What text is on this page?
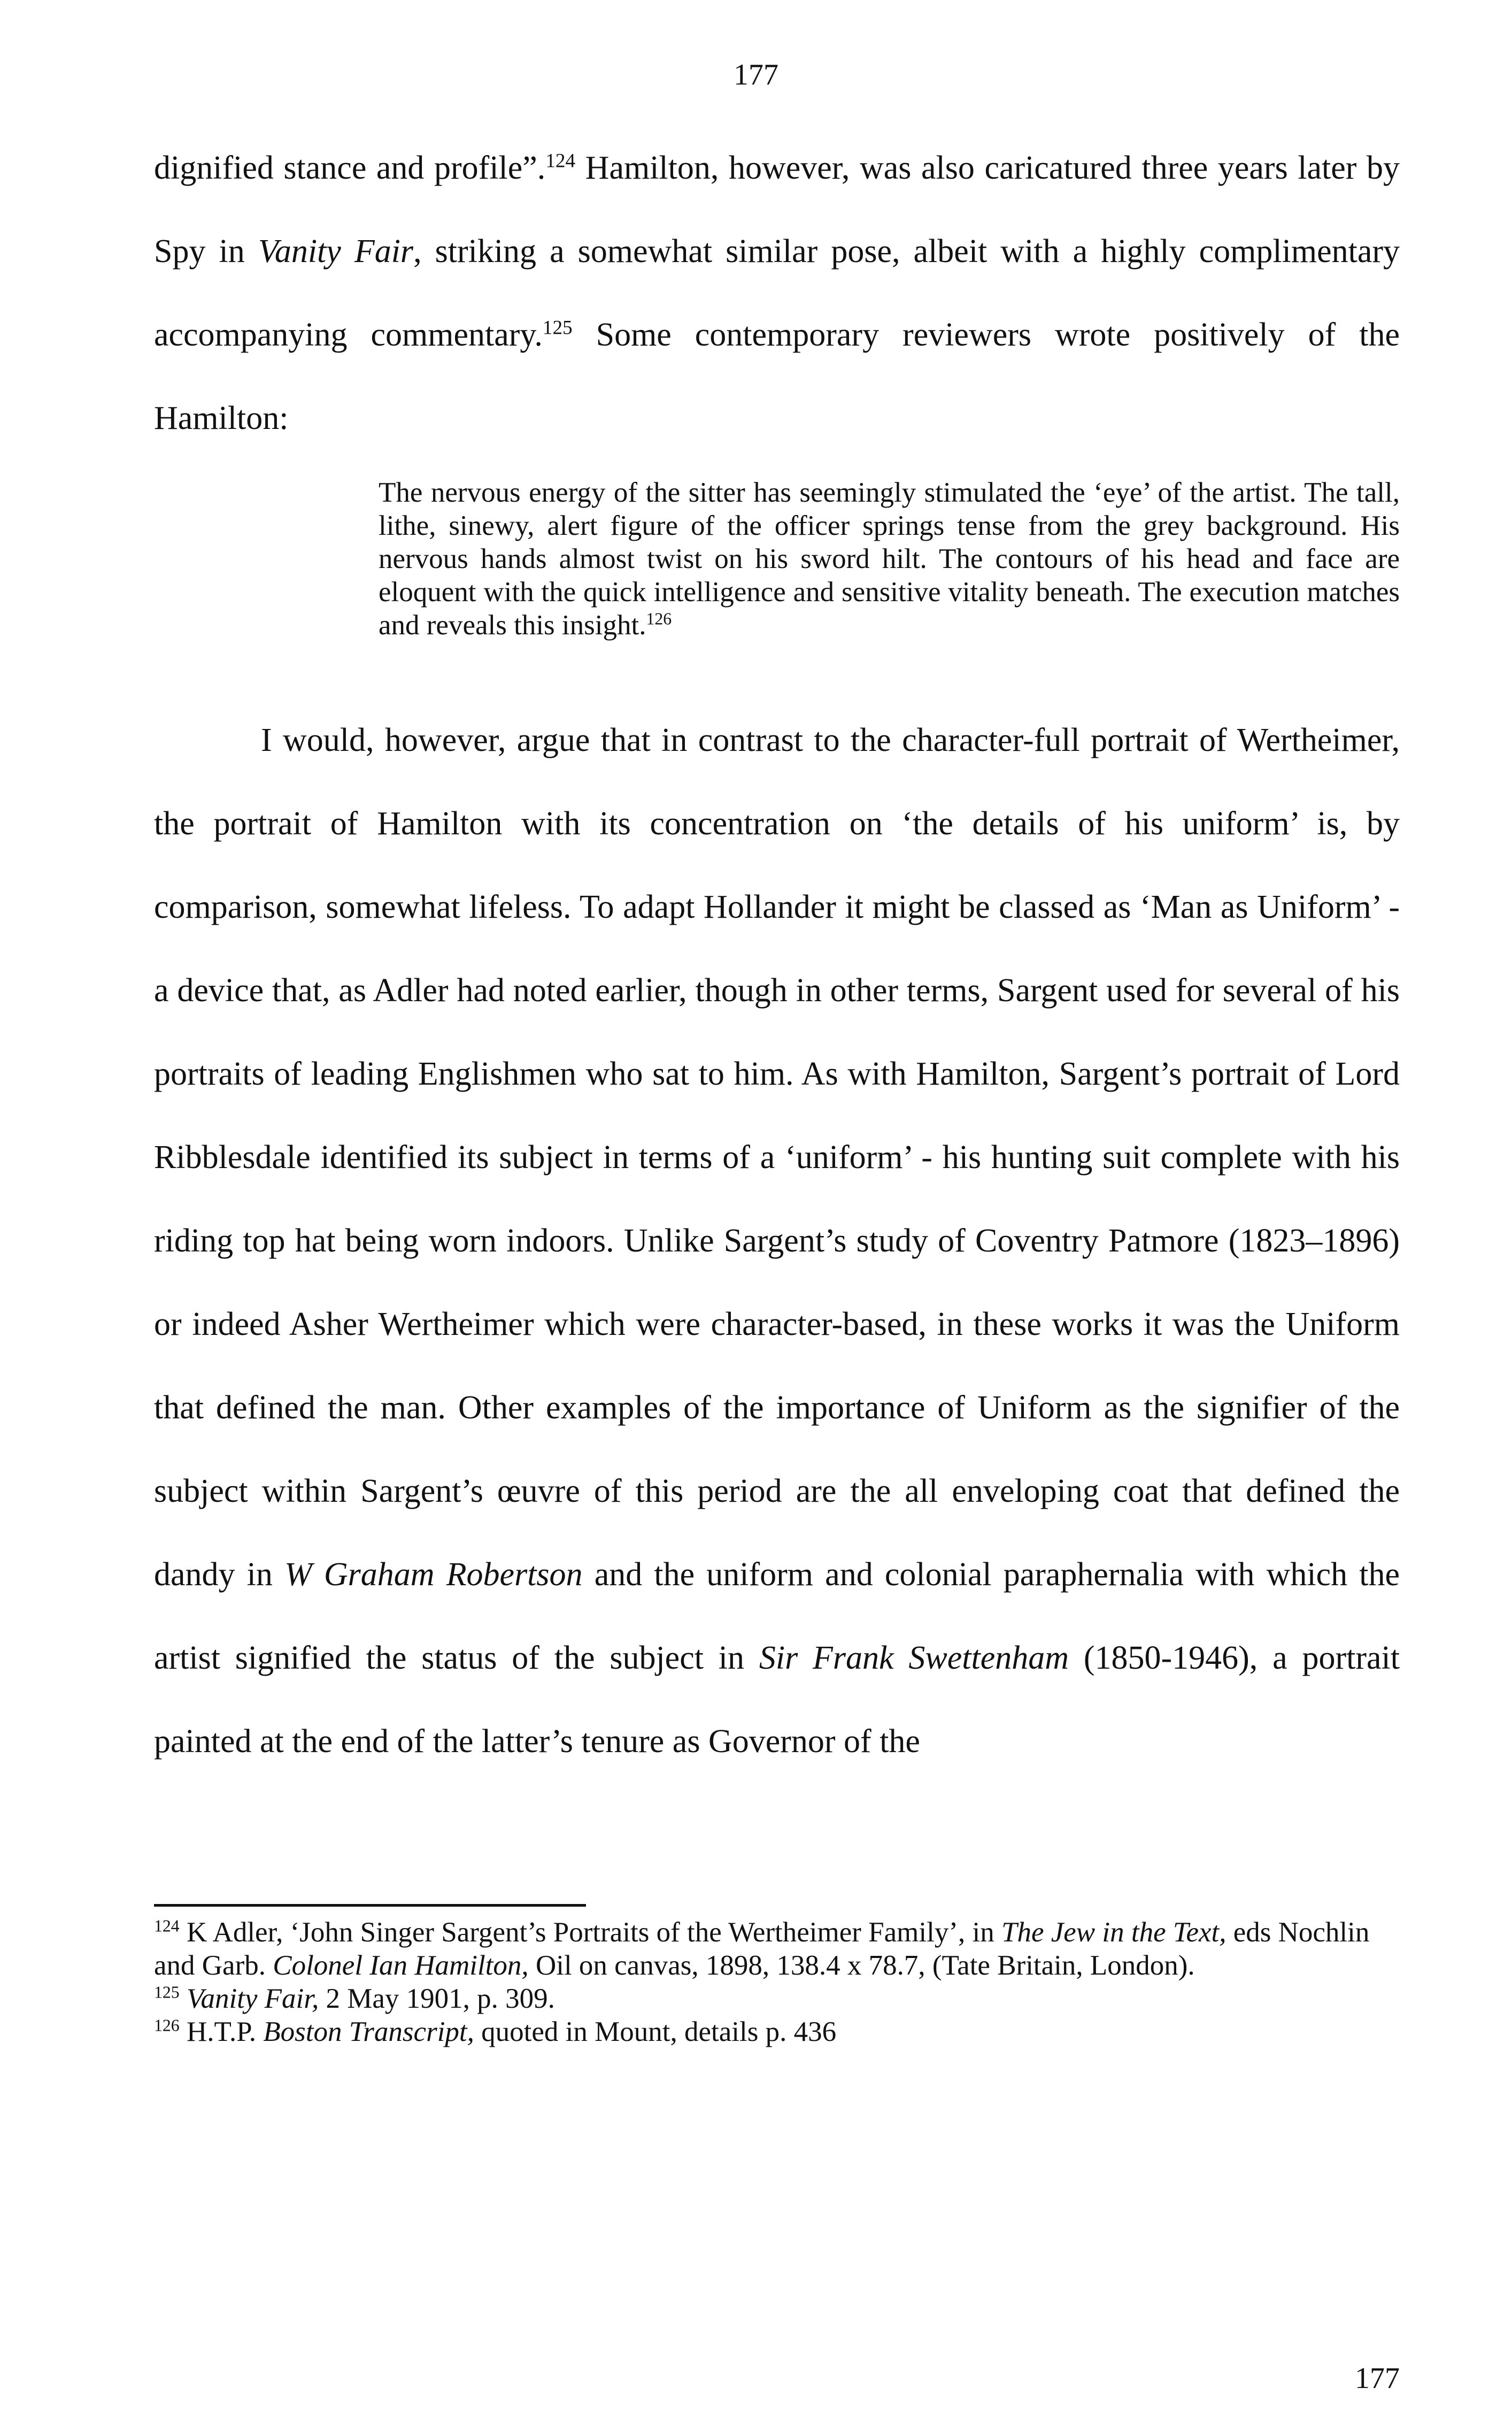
177

dignified stance and profile”.$^{124}$ Hamilton, however, was also caricatured three years later by Spy in Vanity Fair, striking a somewhat similar pose, albeit with a highly complimentary accompanying commentary.$^{125}$ Some contemporary reviewers wrote positively of the Hamilton:

The nervous energy of the sitter has seemingly stimulated the ‘eye’ of the artist. The tall, lithe, sinewy, alert figure of the officer springs tense from the grey background. His nervous hands almost twist on his sword hilt. The contours of his head and face are eloquent with the quick intelligence and sensitive vitality beneath. The execution matches and reveals this insight.$^{126}$

I would, however, argue that in contrast to the character-full portrait of Wertheimer, the portrait of Hamilton with its concentration on ‘the details of his uniform’ is, by comparison, somewhat lifeless. To adapt Hollander it might be classed as ‘Man as Uniform’ - a device that, as Adler had noted earlier, though in other terms, Sargent used for several of his portraits of leading Englishmen who sat to him. As with Hamilton, Sargent’s portrait of Lord Ribblesdale identified its subject in terms of a ‘uniform’ - his hunting suit complete with his riding top hat being worn indoors. Unlike Sargent’s study of Coventry Patmore (1823–1896) or indeed Asher Wertheimer which were character-based, in these works it was the Uniform that defined the man. Other examples of the importance of Uniform as the signifier of the subject within Sargent’s œuvre of this period are the all enveloping coat that defined the dandy in W Graham Robertson and the uniform and colonial paraphernalia with which the artist signified the status of the subject in Sir Frank Swettenham (1850-1946), a portrait painted at the end of the latter’s tenure as Governor of the

$^{124}$ K Adler, ‘John Singer Sargent’s Portraits of the Wertheimer Family’, in The Jew in the Text, eds Nochlin and Garb. Colonel Ian Hamilton, Oil on canvas, 1898, 138.4 x 78.7, (Tate Britain, London).

$^{125}$ Vanity Fair, 2 May 1901, p. 309.

$^{126}$ H.T.P. Boston Transcript, quoted in Mount, details p. 436

177
